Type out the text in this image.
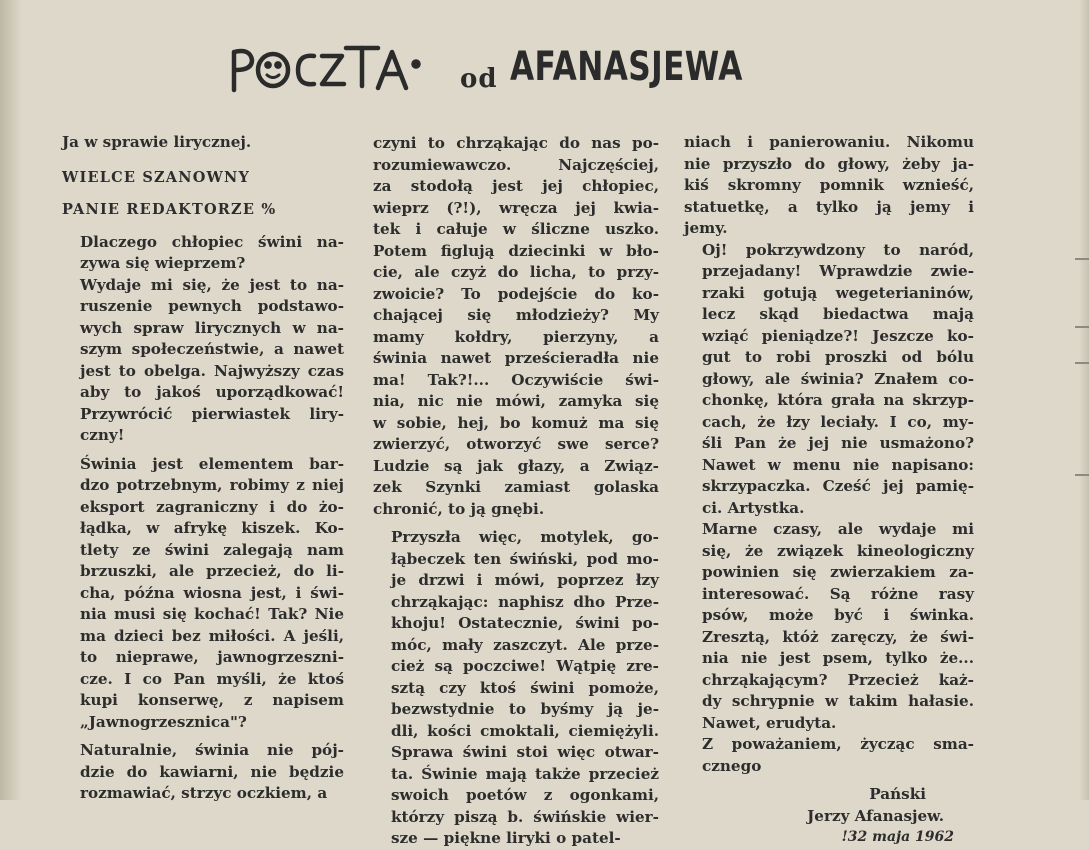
od AFANASJEWA

Ja w sprawie lirycznej.

WIELCE SZANOWNY

PANIE REDAKTORZE %

Dlaczego chłopiec świni na-
zywa się wieprzem?

Wydaje mi się, że jest to na-
ruszenie pewnych podstawo-
wych spraw lirycznych w na-
szym społeczeństwie, a nawet
jest to obelga. Najwyższy czas
aby to jakoś uporządkować!
Przywrócić pierwiastek liry-
czny!

Świnia jest elementem bar-
dzo potrzebnym, robimy z niej
eksport zagraniczny i do żo-
łądka, w afrykę kiszek. Ko-
tlety ze świni zalegają nam
brzuszki, ale przecież, do li-
cha, późna wiosna jest, i świ-
nia musi się kochać! Tak? Nie
ma dzieci bez miłości. A jeśli,
to nieprawe, jawnogrzeszni-
cze. I co Pan myśli, że ktoś
kupi konserwę, z napisem
„Jawnogrzesznica"?

Naturalnie, świnia nie pój-
dzie do kawiarni, nie będzie
rozmawiać, strzyc oczkiem, a

czyni to chrząkając do nas po-
rozumiewawczo. Najczęściej,
za stodołą jest jej chłopiec,
wieprz (?!), wręcza jej kwia-
tek i całuje w śliczne uszko.
Potem figlują dziecinki w bło-
cie, ale czyż do licha, to przy-
zwoicie? To podejście do ko-
chającej się młodzieży? My
mamy kołdry, pierzyny, a
świnia nawet prześcieradła nie
ma! Tak?!... Oczywiście świ-
nia, nic nie mówi, zamyka się
w sobie, hej, bo komuż ma się
zwierzyć, otworzyć swe serce?
Ludzie są jak głazy, a Związ-
zek Szynki zamiast golaska
chronić, to ją gnębi.

Przyszła więc, motylek, go-
łąbeczek ten świński, pod mo-
je drzwi i mówi, poprzez łzy
chrząkając: naphisz dho Prze-
khoju! Ostatecznie, świni po-
móc, mały zaszczyt. Ale prze-
cież są poczciwe! Wątpię zre-
sztą czy ktoś świni pomoże,
bezwstydnie to byśmy ją je-
dli, kości cmoktali, ciemiężyli.
Sprawa świni stoi więc otwar-
ta. Świnie mają także przecież
swoich poetów z ogonkami,
którzy piszą b. świńskie wier-
sze — piękne liryki o patel-

niach i panierowaniu. Nikomu
nie przyszło do głowy, żeby ja-
kiś skromny pomnik wznieść,
statuetkę, a tylko ją jemy i
jemy.

Oj! pokrzywdzony to naród,
przejadany! Wprawdzie zwie-
rzaki gotują wegeterianinów,
lecz skąd biedactwa mają
wziąć pieniądze?! Jeszcze ko-
gut to robi proszki od bólu
głowy, ale świnia? Znałem co-
chonkę, która grała na skrzyp-
cach, że łzy leciały. I co, my-
śli Pan że jej nie usmażono?
Nawet w menu nie napisano:
skrzypaczka. Cześć jej pamię-
ci. Artystka.

Marne czasy, ale wydaje mi
się, że związek kineologiczny
powinien się zwierzakiem za-
interesować. Są różne rasy
psów, może być i świnka.
Zresztą, któż zaręczy, że świ-
nia nie jest psem, tylko że...
chrząkającym? Przecież każ-
dy schrypnie w takim hałasie.
Nawet, erudyta.

Z poważaniem, życząc sma-
cznego

Pański
Jerzy Afanasjew.
!32 maja 1962
